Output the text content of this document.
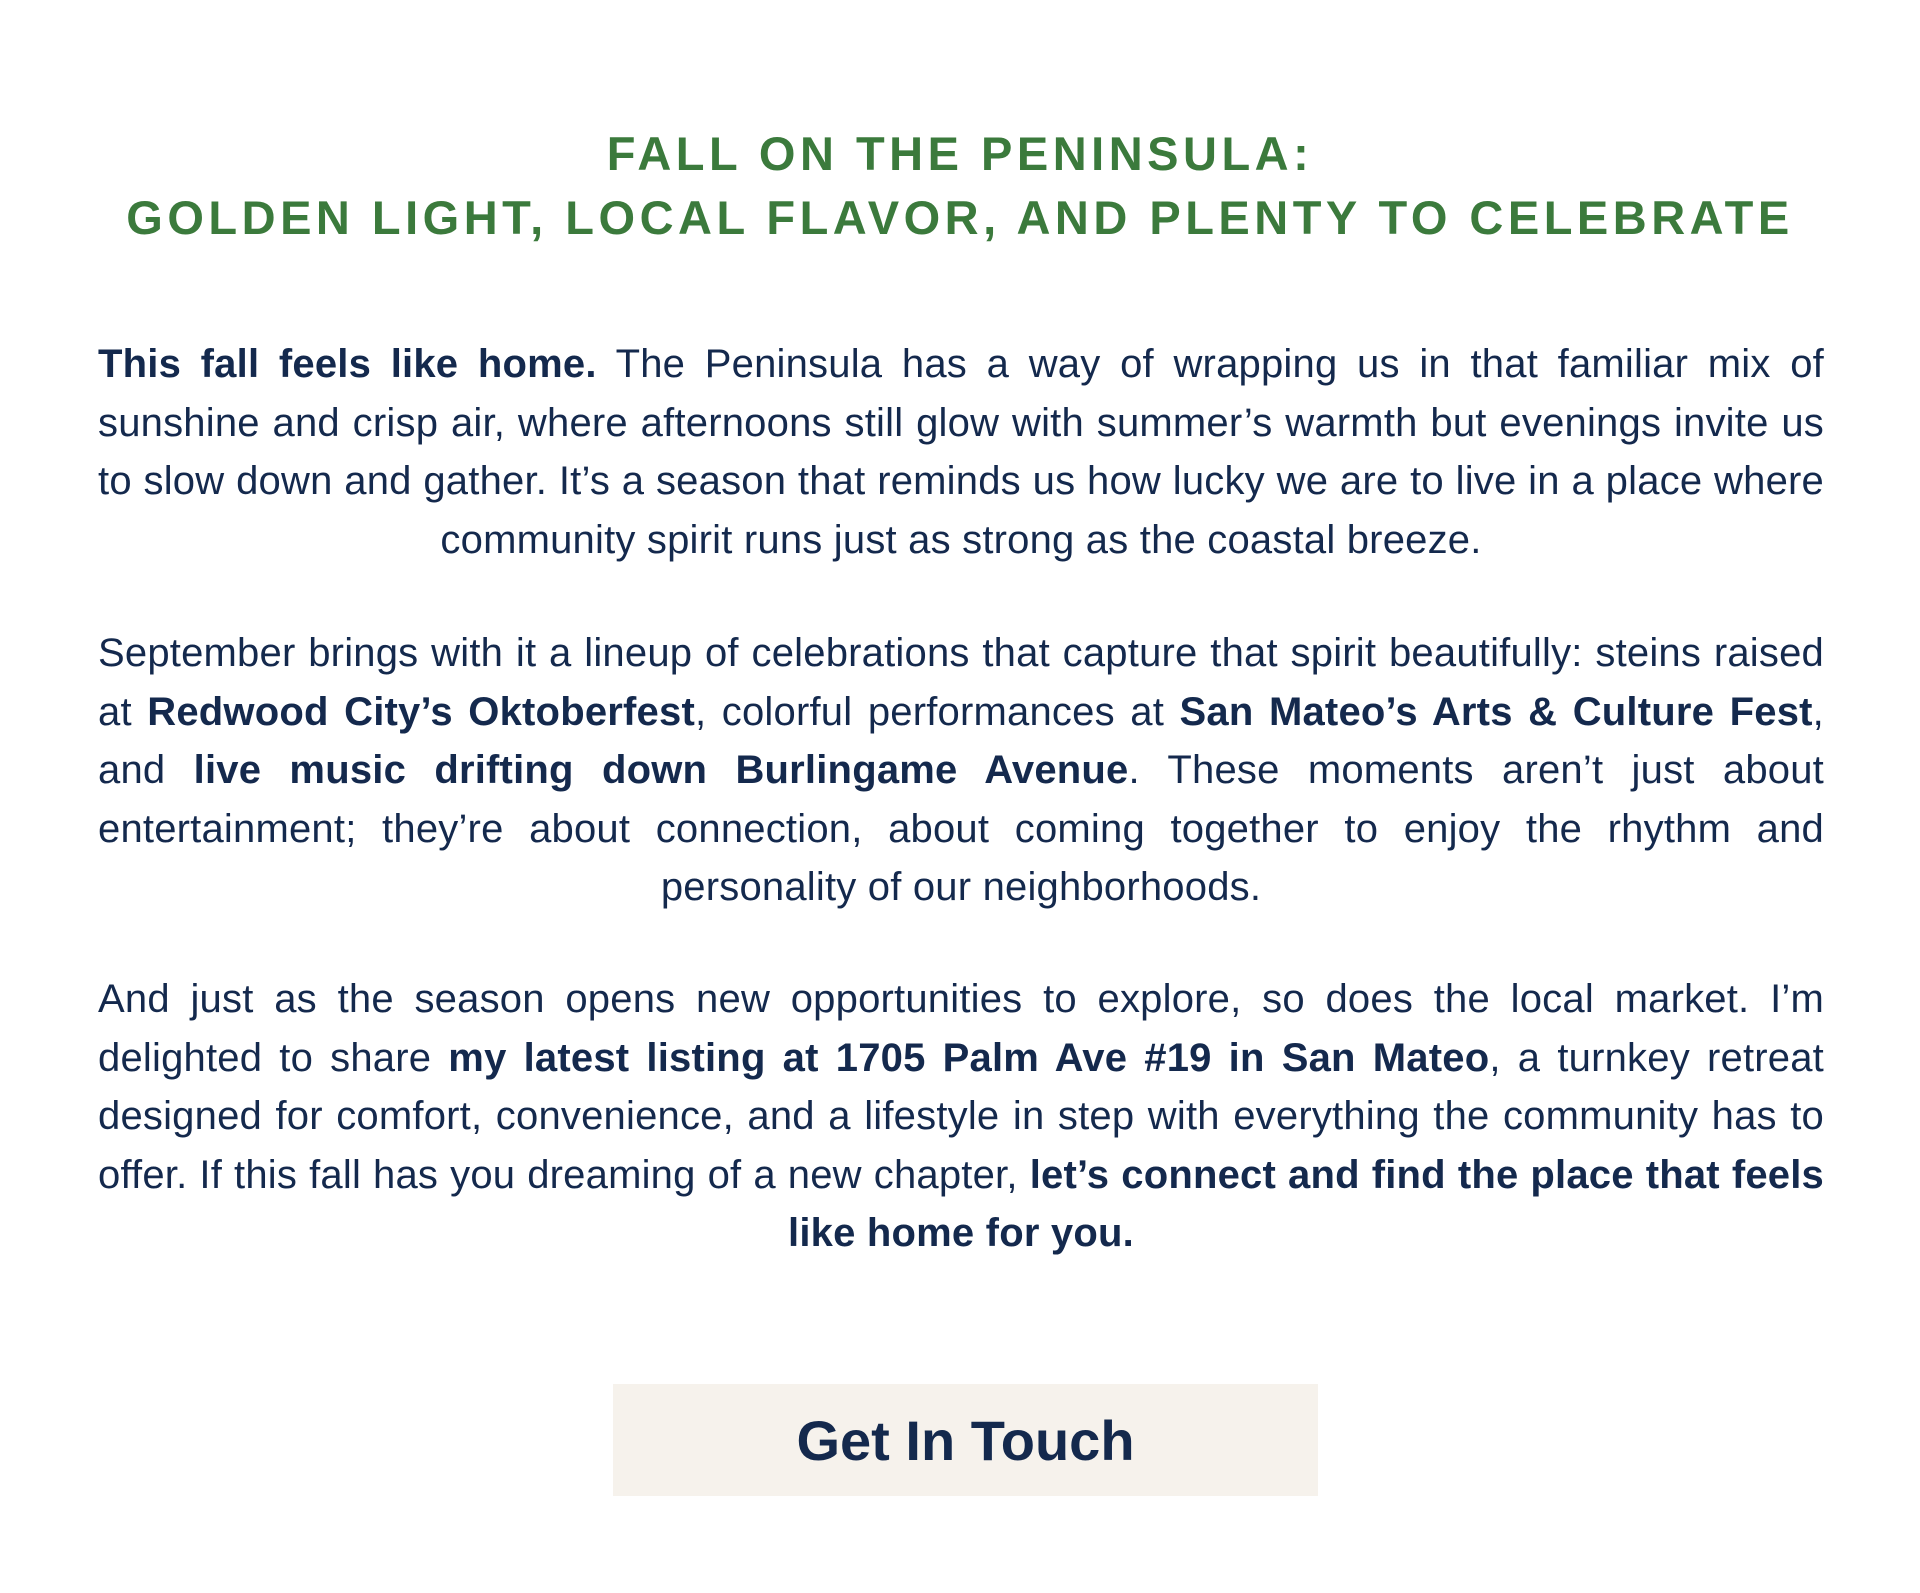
FALL ON THE PENINSULA:
GOLDEN LIGHT, LOCAL FLAVOR, AND PLENTY TO CELEBRATE

This fall feels like home. The Peninsula has a way of wrapping us in that familiar mix of sunshine and crisp air, where afternoons still glow with summer’s warmth but evenings invite us to slow down and gather. It’s a season that reminds us how lucky we are to live in a place where community spirit runs just as strong as the coastal breeze.

September brings with it a lineup of celebrations that capture that spirit beautifully: steins raised at Redwood City’s Oktoberfest, colorful performances at San Mateo’s Arts & Culture Fest, and live music drifting down Burlingame Avenue. These moments aren’t just about entertainment; they’re about connection, about coming together to enjoy the rhythm and personality of our neighborhoods.

And just as the season opens new opportunities to explore, so does the local market. I’m delighted to share my latest listing at 1705 Palm Ave #19 in San Mateo, a turnkey retreat designed for comfort, convenience, and a lifestyle in step with everything the community has to offer. If this fall has you dreaming of a new chapter, let’s connect and find the place that feels like home for you.

Get In Touch
